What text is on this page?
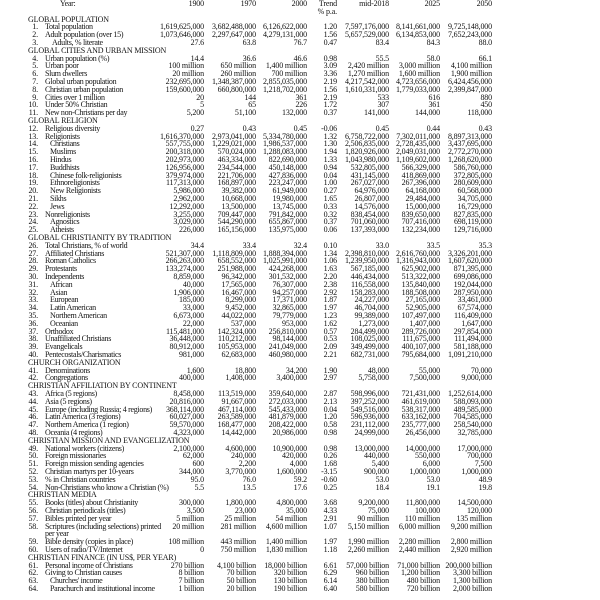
Year:	1900	1970	2000 Trend	mid-2018	2025	2050
% p.a.
GLOBAL POPULATION
1. Total population	1,619,625,000 3,682,488,000 6,126,622,000 1.20 7,597,176,000 8,141,661,000 9,725,148,000
2. Adult population (over 15)	1,073,646,000 2,297,647,000 4,279,131,000 1.56 5,657,529,000 6,134,853,000 7,652,243,000
3. Adults, % literate	27.6	63.8	76.7 0.47	83.4	84.3	88.0
GLOBAL CITIES AND URBAN MISSION
4. Urban population (%)	14.4	36.6	46.6 0.98	55.5	58.0	66.1
5. Urban poor	100 million 650 million 1,400 million 3.09 2,420 million 3,000 million 4,100 million
6. Slum dwellers	20 million 260 million 700 million 3.36 1,270 million 1,600 million 1,900 million
7. Global urban population	232,695,000 1,348,387,000 2,855,035,000 2.19 4,217,542,000 4,723,656,000 6,424,456,000
8. Christian urban population	159,600,000 660,800,000 1,218,702,000 1.56 1,610,331,000 1,779,033,000 2,399,847,000
9. Cities over 1 million	20	144	361 2.19	533	616	880
10. Under 50% Christian	5	65	226 1.72	307	361	450
11. New non-Christians per day	5,200	51,100	132,000 0.37	141,000	144,000	118,000
GLOBAL RELIGION
12. Religious diversity	0.27	0.43	0.45 -0.06	0.45	0.44	0.43
13. Religionists	1,616,370,000 2,973,041,000 5,334,780,000 1.32 6,758,722,000 7,302,011,000 8,897,313,000
14. Christians	557,755,000 1,229,021,000 1,986,537,000 1.30 2,506,835,000 2,728,435,000 3,437,695,000
15. Muslims	200,318,000 570,024,000 1,288,083,000 1.94 1,820,926,000 2,049,031,000 2,772,270,000
16. Hindus	202,973,000 463,334,000 822,690,000 1.33 1,043,980,000 1,109,602,000 1,268,620,000
17. Buddhists	126,956,000 234,544,000 450,148,000 0.94 532,805,000 566,329,000 586,760,000
18. Chinese folk-religionists	379,974,000 221,706,000 427,836,000 0.04 431,145,000 418,869,000 372,805,000
19. Ethnoreligionists	117,313,000 168,897,000 223,247,000 1.00 267,027,000 267,396,000 280,609,000
20. New Religionists	5,986,000 39,382,000 61,949,000 0.27 64,976,000 64,168,000 60,568,000
21. Sikhs	2,962,000 10,668,000 19,980,000 1.65 26,807,000 29,484,000 34,705,000
22. Jews	12,292,000 13,500,000 13,745,000 0.33 14,576,000 15,000,000 16,729,000
23. Nonreligionists	3,255,000 709,447,000 791,842,000 0.32 838,454,000 839,650,000 827,835,000
24. Agnostics	3,029,000 544,290,000 655,867,000 0.37 701,060,000 707,416,000 698,119,000
25. Atheists	226,000 165,156,000 135,975,000 0.06 137,393,000 132,234,000 129,716,000
GLOBAL CHRISTIANITY BY TRADITION
26. Total Christians, % of world	34.4	33.4	32.4 0.10	33.0	33.5	35.3
27. Affiliated Christians	521,307,000 1,118,809,000 1,888,394,000 1.34 2,398,810,000 2,616,760,000 3,326,201,000
28. Roman Catholics	266,263,000 658,552,000 1,025,991,000 1.06 1,239,950,000 1,316,943,000 1,607,620,000
29. Protestants	133,274,000 251,988,000 424,268,000 1.63 567,185,000 625,902,000 871,395,000
30. Independents	8,859,000 96,342,000 301,532,000 2.20 446,434,000 513,322,000 699,086,000
31. African	40,000 17,565,000 76,307,000 2.38 116,558,000 135,840,000 192,044,000
32. Asian	1,906,000 16,467,000 94,257,000 2.92 158,283,000 188,508,000 287,950,000
33. European	185,000	8,299,000 17,371,000 1.87 24,227,000 27,165,000 33,461,000
34. Latin American	33,000	9,452,000 32,865,000 1.97 46,704,000 52,905,000 67,574,000
35. Northern American	6,673,000 44,022,000 79,779,000 1.23 99,389,000 107,497,000 116,409,000
36. Oceanian	22,000	537,000	953,000 1.62	1,273,000	1,407,000	1,647,000
37. Orthodox	115,481,000 142,324,000 256,810,000 0.57 284,499,000 289,726,000 297,854,000
38. Unaffiliated Christians	36,448,000 110,212,000 98,144,000 0.53 108,025,000 111,675,000 111,494,000
39. Evangelicals	80,912,000 105,953,000 241,049,000 2.09 349,499,000 400,107,000 581,188,000
40. Pentecostals/Charismatics	981,000 62,683,000 460,980,000 2.21 682,731,000 795,684,000 1,091,210,000
CHURCH ORGANIZATION
41. Denominations	1,600	18,800	34,200 1.90	48,000	55,000	70,000
42. Congregations	400,000	1,408,000	3,400,000 2.97	5,758,000	7,500,000	9,000,000
CHRISTIAN AFFILIATION BY CONTINENT
43. Africa (5 regions)	8,458,000 113,519,000 359,640,000 2.87 598,996,000 721,431,000 1,252,614,000
44. Asia (5 regions)	20,816,000 91,667,000 272,033,000 2.13 397,252,000 461,619,000 588,093,000
45. Europe (including Russia; 4 regions) 368,114,000 467,114,000 545,433,000 0.04 549,516,000 538,317,000 489,585,000
46. Latin America (3 regions)	60,027,000 263,589,000 481,879,000 1.20 596,936,000 633,162,000 704,585,000
47. Northern America (1 region)	59,570,000 168,477,000 208,422,000 0.58 231,112,000 235,777,000 258,540,000
48. Oceania (4 regions)	4,323,000 14,442,000 20,986,000 0.98 24,999,000 26,456,000 32,785,000
CHRISTIAN MISSION AND EVANGELIZATION
49. National workers (citizens)	2,100,000	4,600,000 10,900,000 0.98 13,000,000 14,000,000 17,000,000
50. Foreign missionaries	62,000	240,000	420,000 0.26	440,000	550,000	700,000
51. Foreign mission sending agencies	600	2,200	4,000 1.68	5,400	6,000	7,500
52. Christian martyrs per 10-years	344,000	3,770,000	1,600,000 -3.15	900,000	1,000,000	1,000,000
53. % in Christian countries	95.0	76.0	59.2 -0.60	53.0	53.0	48.9
54. Non-Christians who know a Christian (%)	5.5	13.5	17.6 0.25	18.4	19.1	19.8
CHRISTIAN MEDIA
55. Books (titles) about Christianity	300,000	1,800,000	4,800,000 3.68	9,200,000 11,800,000 14,500,000
56. Christian periodicals (titles)	3,500	23,000	35,000 4.33	75,000	100,000	120,000
57. Bibles printed per year	5 million	25 million 54 million 2.91	90 million 110 million 135 million
58. Scriptures (including selections) printed per year
20 million 281 million 4,600 million 1.07 5,150 million 6,000 million 9,200 million
59. Bible density (copies in place)	108 million 443 million 1,400 million 1.97 1,990 million 2,280 million 2,800 million
60. Users of radio/TV/Internet	0 750 million 1,830 million 1.18 2,260 million 2,440 million 2,920 million
CHRISTIAN FINANCE (IN US$, PER YEAR)
61. Personal income of Christians	270 billion 4,100 billion 18,000 billion 6.61 57,000 billion 71,000 billion 200,000 billion
62. Giving to Christian causes	8 billion	70 billion 320 billion 6.29 960 billion 1,200 billion 3,300 billion
63. Churches' income	7 billion	50 billion 130 billion 6.14 380 billion 480 billion 1,300 billion
64. Parachurch and institutional income	1 billion	20 billion 190 billion 6.40 580 billion 720 billion 2,000 billion
